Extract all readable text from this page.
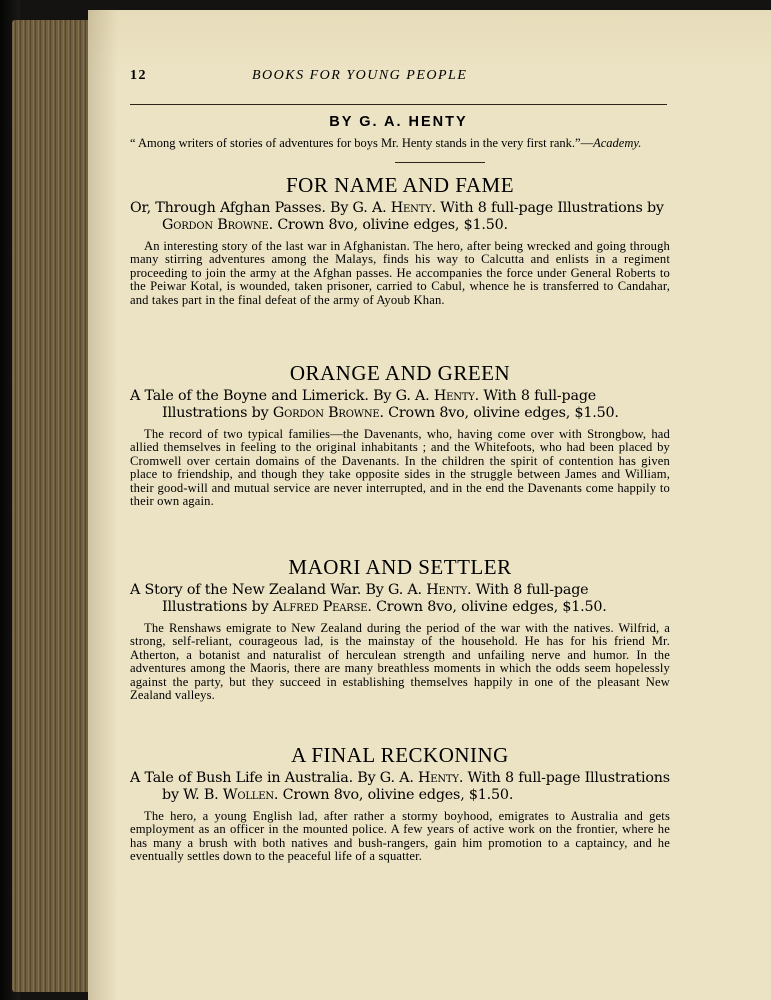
12	BOOKS FOR YOUNG PEOPLE
BY G. A. HENTY
“ Among writers of stories of adventures for boys Mr. Henty stands in the very first rank.”—Academy.
FOR NAME AND FAME

Or, Through Afghan Passes. By G. A. Henty. With 8 full-page Illustrations by Gordon Browne. Crown 8vo, olivine edges, $1.50.

An interesting story of the last war in Afghanistan. The hero, after being wrecked and going through many stirring adventures among the Malays, finds his way to Calcutta and enlists in a regiment proceeding to join the army at the Afghan passes. He accompanies the force under General Roberts to the Peiwar Kotal, is wounded, taken prisoner, carried to Cabul, whence he is transferred to Candahar, and takes part in the final defeat of the army of Ayoub Khan.

ORANGE AND GREEN

A Tale of the Boyne and Limerick. By G. A. Henty. With 8 full-page Illustrations by Gordon Browne. Crown 8vo, olivine edges, $1.50.

The record of two typical families—the Davenants, who, having come over with Strongbow, had allied themselves in feeling to the original inhabitants ; and the Whitefoots, who had been placed by Cromwell over certain domains of the Davenants. In the children the spirit of contention has given place to friendship, and though they take opposite sides in the struggle between James and William, their good-will and mutual service are never interrupted, and in the end the Davenants come happily to their own again.

MAORI AND SETTLER

A Story of the New Zealand War. By G. A. Henty. With 8 full-page Illustrations by Alfred Pearse. Crown 8vo, olivine edges, $1.50.

The Renshaws emigrate to New Zealand during the period of the war with the natives. Wilfrid, a strong, self-reliant, courageous lad, is the mainstay of the household. He has for his friend Mr. Atherton, a botanist and naturalist of herculean strength and unfailing nerve and humor. In the adventures among the Maoris, there are many breathless moments in which the odds seem hopelessly against the party, but they succeed in establishing themselves happily in one of the pleasant New Zealand valleys.

A FINAL RECKONING

A Tale of Bush Life in Australia. By G. A. Henty. With 8 full-page Illustrations by W. B. Wollen. Crown 8vo, olivine edges, $1.50.

The hero, a young English lad, after rather a stormy boyhood, emigrates to Australia and gets employment as an officer in the mounted police. A few years of active work on the frontier, where he has many a brush with both natives and bush-rangers, gain him promotion to a captaincy, and he eventually settles down to the peaceful life of a squatter.
